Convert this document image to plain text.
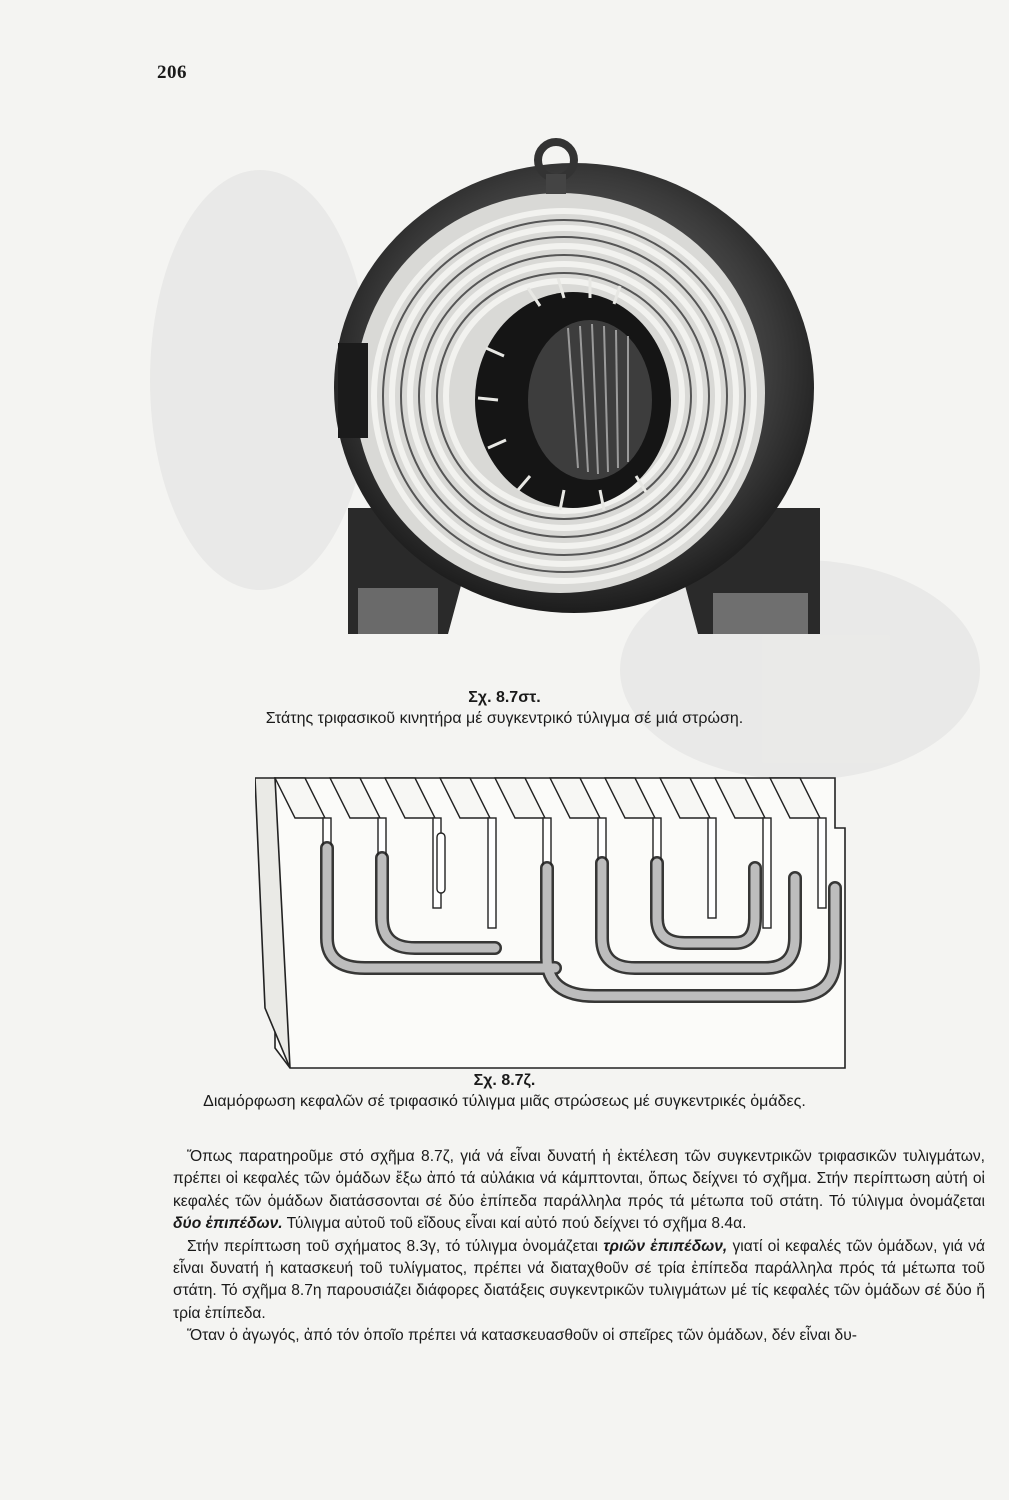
206
Σχ. 8.7στ.
Στάτης τριφασικοῦ κινητήρα μέ συγκεντρικό τύλιγμα σέ μιά στρώση.
Σχ. 8.7ζ.
Διαμόρφωση κεφαλῶν σέ τριφασικό τύλιγμα μιᾶς στρώσεως μέ συγκεντρικές ὁμάδες.

Ὅπως παρατηροῦμε στό σχῆμα 8.7ζ, γιά νά εἶναι δυνατή ἡ ἐκτέλεση τῶν συγκεντρικῶν τριφασικῶν τυλιγμάτων, πρέπει οἱ κεφαλές τῶν ὁμάδων ἔξω ἀπό τά αὐλάκια νά κάμπτονται, ὅπως δείχνει τό σχῆμα. Στήν περίπτωση αὐτή οἱ κεφαλές τῶν ὁμάδων διατάσσονται σέ δύο ἐπίπεδα παράλληλα πρός τά μέτωπα τοῦ στάτη. Τό τύλιγμα ὀνομάζεται δύο ἐπιπέδων. Τύλιγμα αὐτοῦ τοῦ εἴδους εἶναι καί αὐτό πού δείχνει τό σχῆμα 8.4α.

Στήν περίπτωση τοῦ σχήματος 8.3γ, τό τύλιγμα ὀνομάζεται τριῶν ἐπιπέδων, γιατί οἱ κεφαλές τῶν ὁμάδων, γιά νά εἶναι δυνατή ἡ κατασκευή τοῦ τυλίγματος, πρέπει νά διαταχθοῦν σέ τρία ἐπίπεδα παράλληλα πρός τά μέτωπα τοῦ στάτη. Τό σχῆμα 8.7η παρουσιάζει διάφορες διατάξεις συγκεντρικῶν τυλιγμάτων μέ τίς κεφαλές τῶν ὁμάδων σέ δύο ἤ τρία ἐπίπεδα.

Ὅταν ὁ ἀγωγός, ἀπό τόν ὁποῖο πρέπει νά κατασκευασθοῦν οἱ σπεῖρες τῶν ὁμάδων, δέν εἶναι δυ-
